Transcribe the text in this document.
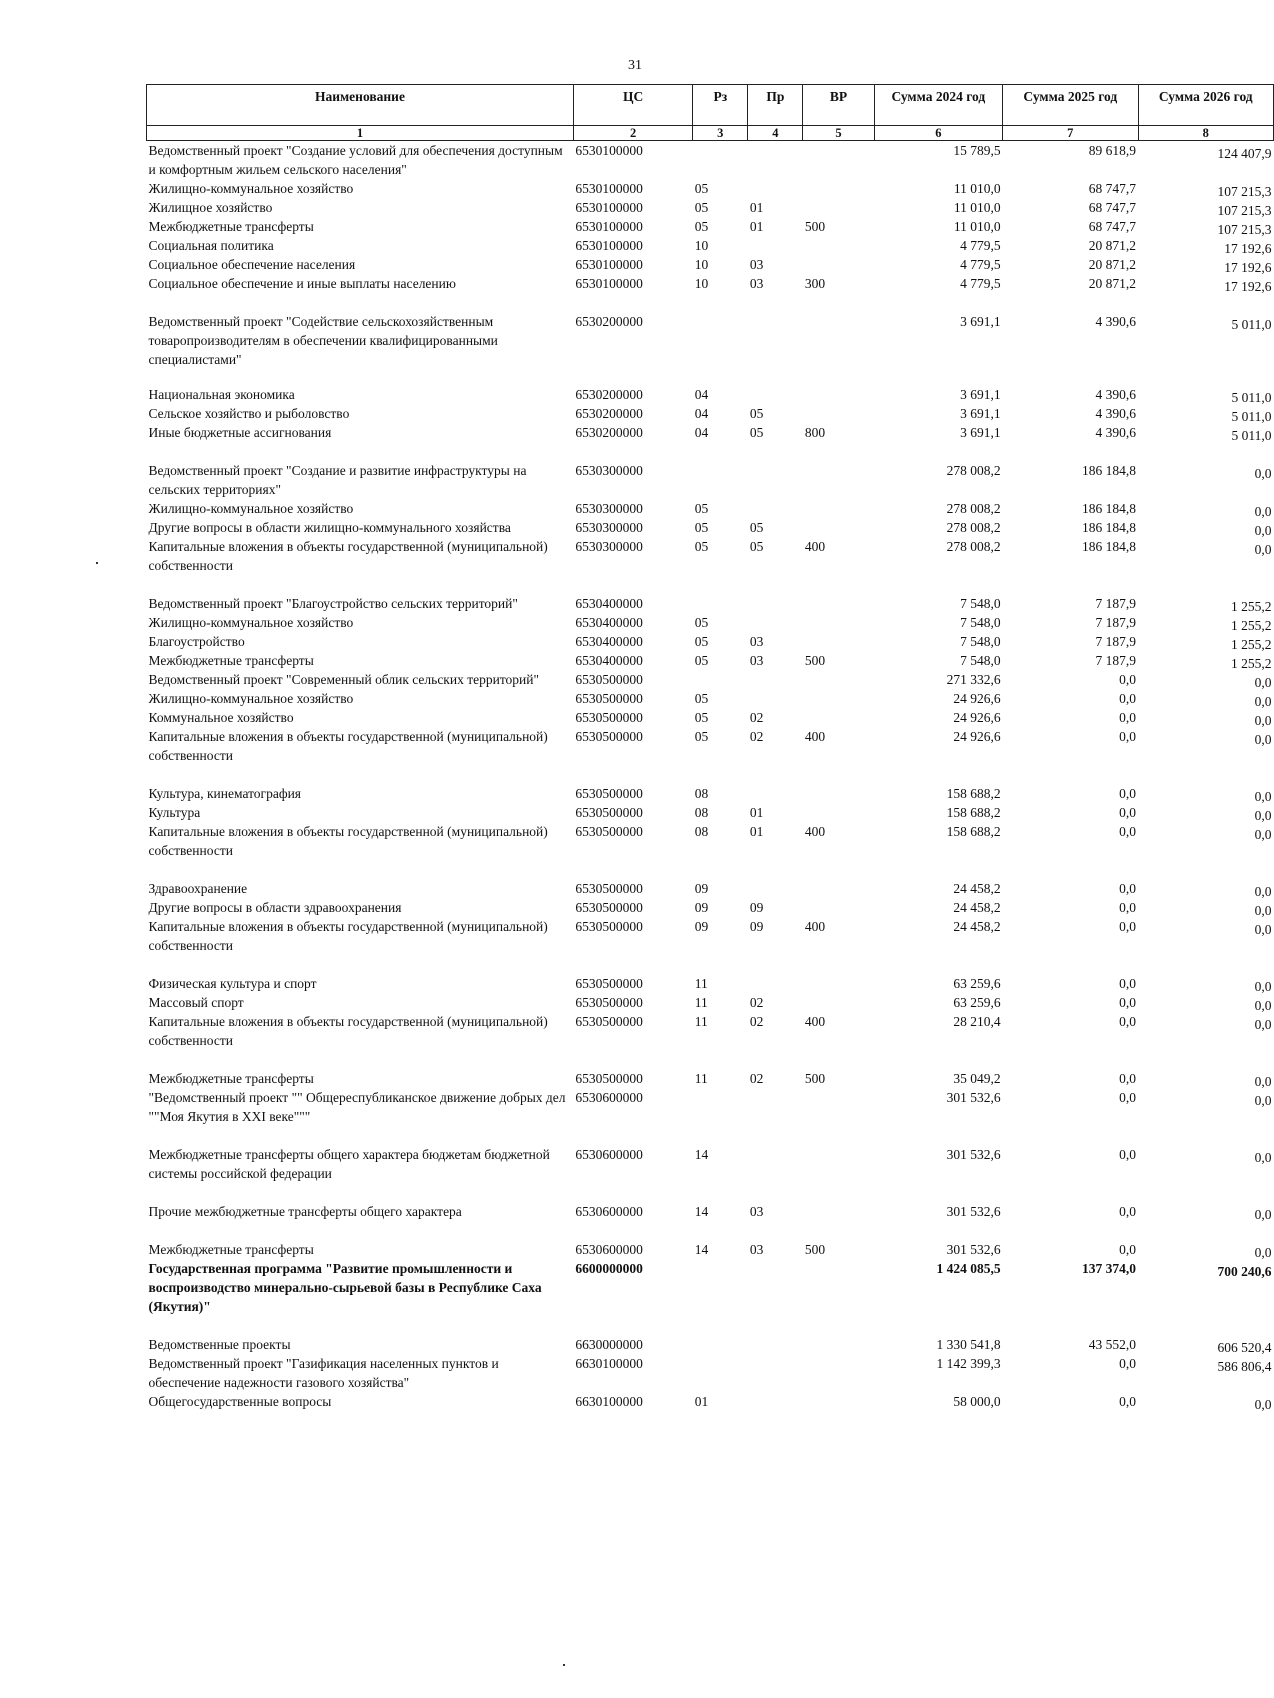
31
Наименование	ЦС	Рз	Пр	ВР	Сумма 2024 год	Сумма 2025 год	Сумма 2026 год
1	2	3	4	5	6	7	8
Ведомственный проект "Создание условий для обеспечения доступным и комфортным жильем сельского населения"	6530100000				15 789,5	89 618,9	124 407,9
Жилищно-коммунальное хозяйство	6530100000	05			11 010,0	68 747,7	107 215,3
Жилищное хозяйство	6530100000	05	01		11 010,0	68 747,7	107 215,3
Межбюджетные трансферты	6530100000	05	01	500	11 010,0	68 747,7	107 215,3
Социальная политика	6530100000	10			4 779,5	20 871,2	17 192,6
Социальное обеспечение населения	6530100000	10	03		4 779,5	20 871,2	17 192,6
Социальное обеспечение и иные выплаты населению	6530100000	10	03	300	4 779,5	20 871,2	17 192,6
Ведомственный проект "Содействие сельскохозяйственным товаропроизводителям в обеспечении квалифицированными специалистами"	6530200000				3 691,1	4 390,6	5 011,0
Национальная экономика	6530200000	04			3 691,1	4 390,6	5 011,0
Сельское хозяйство и рыболовство	6530200000	04	05		3 691,1	4 390,6	5 011,0
Иные бюджетные ассигнования	6530200000	04	05	800	3 691,1	4 390,6	5 011,0
Ведомственный проект "Создание и развитие инфраструктуры на сельских территориях"	6530300000				278 008,2	186 184,8	0,0
Жилищно-коммунальное хозяйство	6530300000	05			278 008,2	186 184,8	0,0
Другие вопросы в области жилищно-коммунального хозяйства	6530300000	05	05		278 008,2	186 184,8	0,0
Капитальные вложения в объекты государственной (муниципальной) собственности	6530300000	05	05	400	278 008,2	186 184,8	0,0
Ведомственный проект "Благоустройство сельских территорий"	6530400000				7 548,0	7 187,9	1 255,2
Жилищно-коммунальное хозяйство	6530400000	05			7 548,0	7 187,9	1 255,2
Благоустройство	6530400000	05	03		7 548,0	7 187,9	1 255,2
Межбюджетные трансферты	6530400000	05	03	500	7 548,0	7 187,9	1 255,2
Ведомственный проект "Современный облик сельских территорий"	6530500000				271 332,6	0,0	0,0
Жилищно-коммунальное хозяйство	6530500000	05			24 926,6	0,0	0,0
Коммунальное хозяйство	6530500000	05	02		24 926,6	0,0	0,0
Капитальные вложения в объекты государственной (муниципальной) собственности	6530500000	05	02	400	24 926,6	0,0	0,0
Культура, кинематография	6530500000	08			158 688,2	0,0	0,0
Культура	6530500000	08	01		158 688,2	0,0	0,0
Капитальные вложения в объекты государственной (муниципальной) собственности	6530500000	08	01	400	158 688,2	0,0	0,0
Здравоохранение	6530500000	09			24 458,2	0,0	0,0
Другие вопросы в области здравоохранения	6530500000	09	09		24 458,2	0,0	0,0
Капитальные вложения в объекты государственной (муниципальной) собственности	6530500000	09	09	400	24 458,2	0,0	0,0
Физическая культура и спорт	6530500000	11			63 259,6	0,0	0,0
Массовый спорт	6530500000	11	02		63 259,6	0,0	0,0
Капитальные вложения в объекты государственной (муниципальной) собственности	6530500000	11	02	400	28 210,4	0,0	0,0
Межбюджетные трансферты	6530500000	11	02	500	35 049,2	0,0	0,0
"Ведомственный проект "" Общереспубликанское движение добрых дел ""Моя Якутия в XXI веке"""	6530600000				301 532,6	0,0	0,0
Межбюджетные трансферты общего характера бюджетам бюджетной системы российской федерации	6530600000	14			301 532,6	0,0	0,0
Прочие межбюджетные трансферты общего характера	6530600000	14	03		301 532,6	0,0	0,0
Межбюджетные трансферты	6530600000	14	03	500	301 532,6	0,0	0,0
Государственная программа "Развитие промышленности и воспроизводство минерально-сырьевой базы в Республике Саха (Якутия)"	6600000000				1 424 085,5	137 374,0	700 240,6
Ведомственные проекты	6630000000				1 330 541,8	43 552,0	606 520,4
Ведомственный проект "Газификация населенных пунктов и обеспечение надежности газового хозяйства"	6630100000				1 142 399,3	0,0	586 806,4
Общегосударственные вопросы	6630100000	01			58 000,0	0,0	0,0
